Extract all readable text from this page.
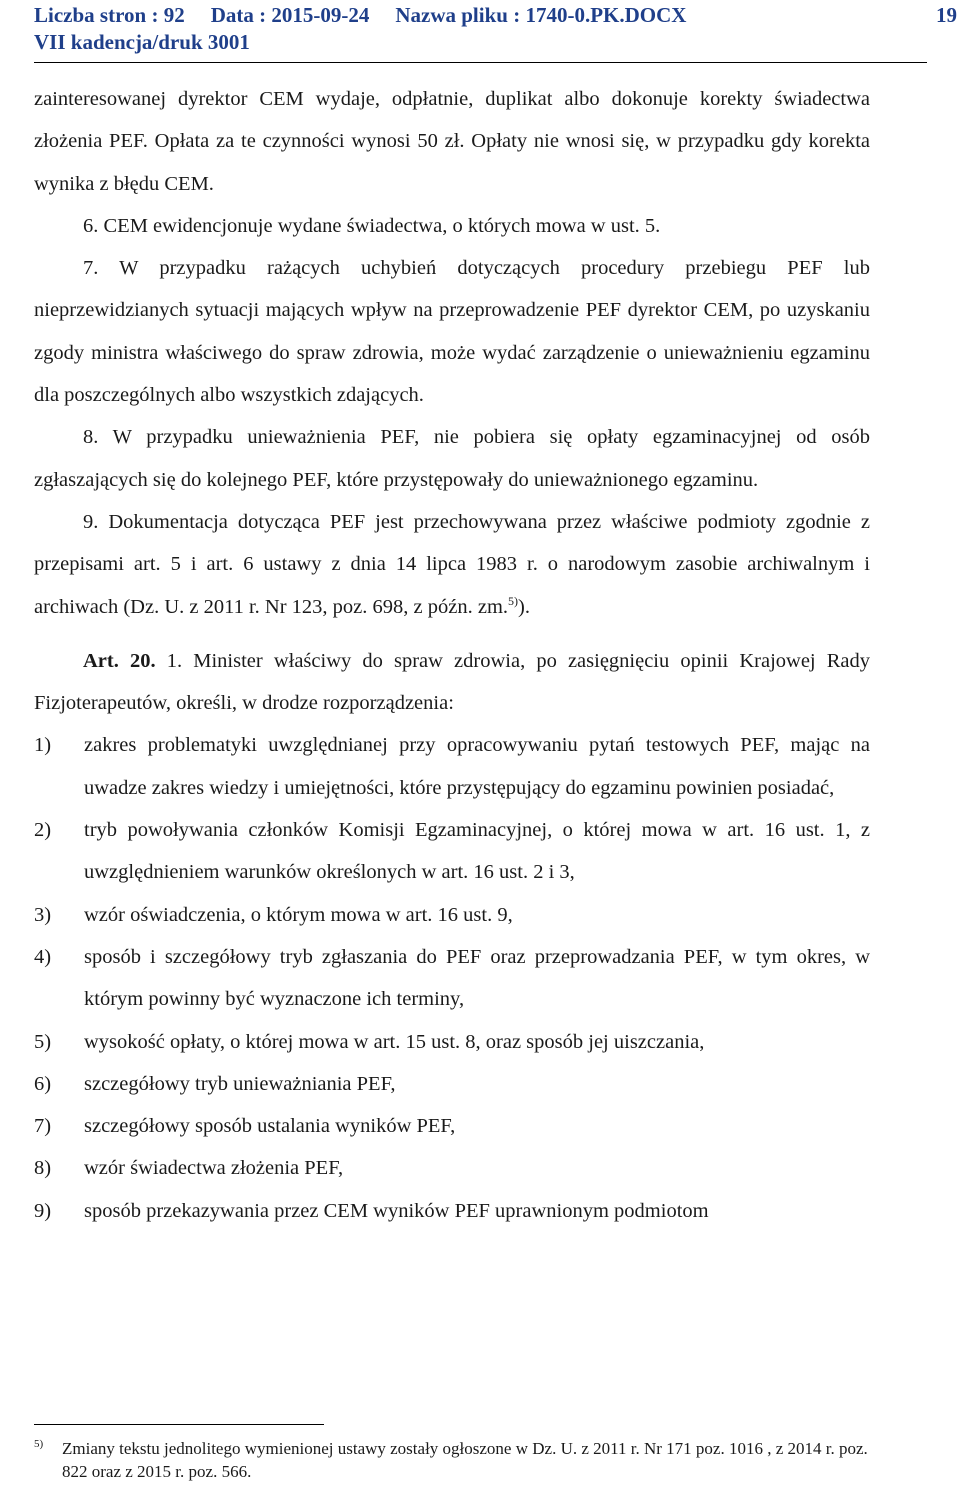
Liczba stron : 92 Data : 2015-09-24 Nazwa pliku : 1740-0.PK.DOCX
VII kadencja/druk 3001
19

zainteresowanej dyrektor CEM wydaje, odpłatnie, duplikat albo dokonuje korekty świadectwa złożenia PEF. Opłata za te czynności wynosi 50 zł. Opłaty nie wnosi się, w przypadku gdy korekta wynika z błędu CEM.

6. CEM ewidencjonuje wydane świadectwa, o których mowa w ust. 5.

7. W przypadku rażących uchybień dotyczących procedury przebiegu PEF lub nieprzewidzianych sytuacji mających wpływ na przeprowadzenie PEF dyrektor CEM, po uzyskaniu zgody ministra właściwego do spraw zdrowia, może wydać zarządzenie o unieważnieniu egzaminu dla poszczególnych albo wszystkich zdających.

8. W przypadku unieważnienia PEF, nie pobiera się opłaty egzaminacyjnej od osób zgłaszających się do kolejnego PEF, które przystępowały do unieważnionego egzaminu.

9. Dokumentacja dotycząca PEF jest przechowywana przez właściwe podmioty zgodnie z przepisami art. 5 i art. 6 ustawy z dnia 14 lipca 1983 r. o narodowym zasobie archiwalnym i archiwach (Dz. U. z 2011 r. Nr 123, poz. 698, z późn. zm.$^{5)}$).

Art. 20. 1. Minister właściwy do spraw zdrowia, po zasięgnięciu opinii Krajowej Rady Fizjoterapeutów, określi, w drodze rozporządzenia:

1)	zakres problematyki uwzględnianej przy opracowywaniu pytań testowych PEF, mając na uwadze zakres wiedzy i umiejętności, które przystępujący do egzaminu powinien posiadać,
2)	tryb powoływania członków Komisji Egzaminacyjnej, o której mowa w art. 16 ust. 1, z uwzględnieniem warunków określonych w art. 16 ust. 2 i 3,
3)	wzór oświadczenia, o którym mowa w art. 16 ust. 9,
4)	sposób i szczegółowy tryb zgłaszania do PEF oraz przeprowadzania PEF, w tym okres, w którym powinny być wyznaczone ich terminy,
5)	wysokość opłaty, o której mowa w art. 15 ust. 8, oraz sposób jej uiszczania,
6)	szczegółowy tryb unieważniania PEF,
7)	szczegółowy sposób ustalania wyników PEF,
8)	wzór świadectwa złożenia PEF,
9)	sposób przekazywania przez CEM wyników PEF uprawnionym podmiotom
5)	Zmiany tekstu jednolitego wymienionej ustawy zostały ogłoszone w Dz. U. z 2011 r. Nr 171 poz. 1016 , z 2014 r. poz. 822 oraz z 2015 r. poz. 566.
